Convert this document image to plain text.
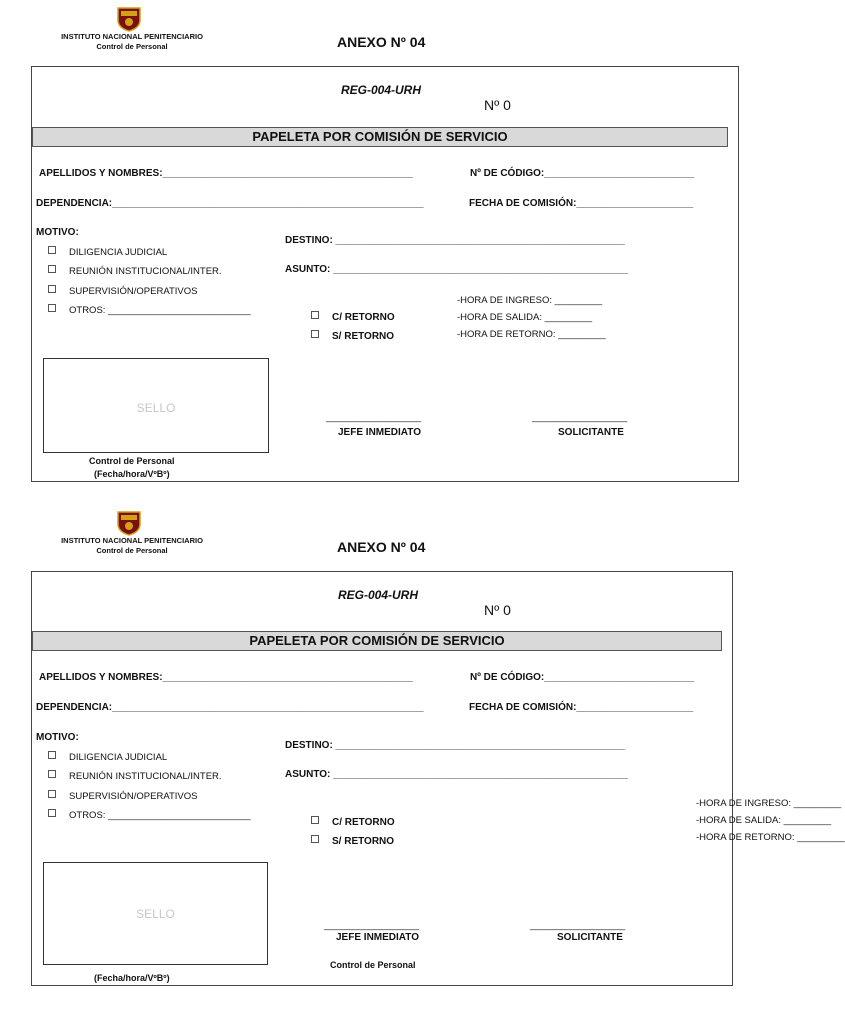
INSTITUTO NACIONAL PENITENCIARIO
Control de Personal	ANEXO Nº 04
REG-004-URH
Nº 0
PAPELETA POR COMISIÓN DE SERVICIO
APELLIDOS Y NOMBRES:_____________________________________________	Nº DE CÓDIGO:___________________________
DEPENDENCIA:________________________________________________________	FECHA DE COMISIÓN:_____________________
MOTIVO:
DILIGENCIA JUDICIAL
REUNIÓN INSTITUCIONAL/INTER.
SUPERVISIÓN/OPERATIVOS
OTROS: ___________________________
DESTINO: ____________________________________________________
ASUNTO: _____________________________________________________
-HORA DE INGRESO: _________
-HORA DE SALIDA: _________
-HORA DE RETORNO: _________
C/ RETORNO
S/ RETORNO
SELLO
__________________
JEFE INMEDIATO
__________________
SOLICITANTE
Control de Personal
(Fecha/hora/VºBº)
INSTITUTO NACIONAL PENITENCIARIO
Control de Personal	ANEXO Nº 04
REG-004-URH
Nº 0
PAPELETA POR COMISIÓN DE SERVICIO
APELLIDOS Y NOMBRES:_____________________________________________	Nº DE CÓDIGO:___________________________
DEPENDENCIA:________________________________________________________	FECHA DE COMISIÓN:_____________________
MOTIVO:
DILIGENCIA JUDICIAL
REUNIÓN INSTITUCIONAL/INTER.
SUPERVISIÓN/OPERATIVOS
OTROS: ___________________________
DESTINO: ____________________________________________________
ASUNTO: _____________________________________________________
-HORA DE INGRESO: _________
-HORA DE SALIDA: _________
-HORA DE RETORNO: _________
C/ RETORNO
S/ RETORNO
SELLO
__________________
JEFE INMEDIATO
__________________
SOLICITANTE
Control de Personal
(Fecha/hora/VºBº)
